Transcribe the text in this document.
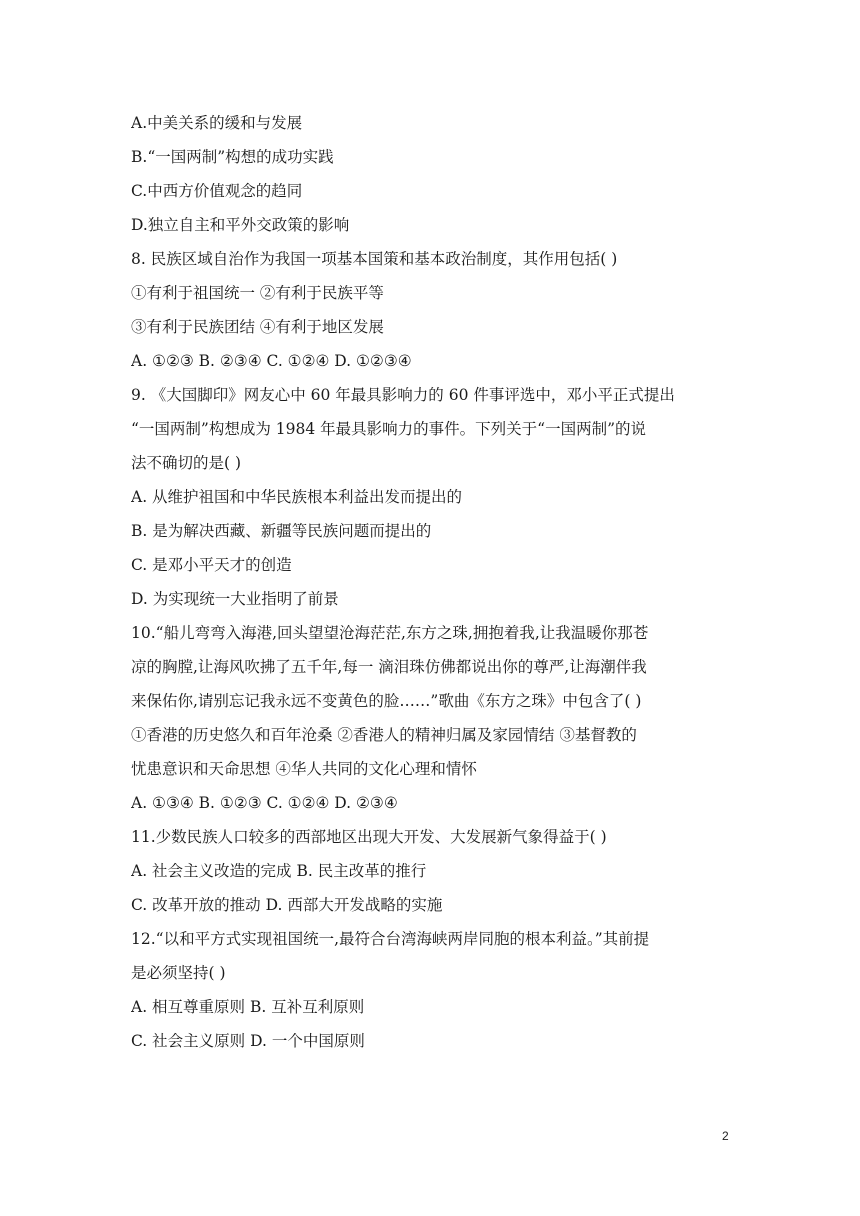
A.中美关系的缓和与发展
B.“一国两制”构想的成功实践
C.中西方价值观念的趋同
D.独立自主和平外交政策的影响
8. 民族区域自治作为我国一项基本国策和基本政治制度，其作用包括( )
①有利于祖国统一 ②有利于民族平等
③有利于民族团结 ④有利于地区发展
A. ①②③ B. ②③④ C. ①②④ D. ①②③④
9. 《大国脚印》网友心中 60 年最具影响力的 60 件事评选中，邓小平正式提出
“一国两制”构想成为 1984 年最具影响力的事件。下列关于“一国两制”的说
法不确切的是( )
A. 从维护祖国和中华民族根本利益出发而提出的
B. 是为解决西藏、新疆等民族问题而提出的
C. 是邓小平天才的创造
D. 为实现统一大业指明了前景
10.“船儿弯弯入海港,回头望望沧海茫茫,东方之珠,拥抱着我,让我温暖你那苍
凉的胸膛,让海风吹拂了五千年,每一 滴泪珠仿佛都说出你的尊严,让海潮伴我
来保佑你,请别忘记我永远不变黄色的脸……”歌曲《东方之珠》中包含了( )
①香港的历史悠久和百年沧桑 ②香港人的精神归属及家园情结 ③基督教的
忧患意识和天命思想 ④华人共同的文化心理和情怀
A. ①③④ B. ①②③ C. ①②④ D. ②③④
11.少数民族人口较多的西部地区出现大开发、大发展新气象得益于( )
A. 社会主义改造的完成 B. 民主改革的推行
C. 改革开放的推动 D. 西部大开发战略的实施
12.“以和平方式实现祖国统一,最符合台湾海峡两岸同胞的根本利益。”其前提
是必须坚持( )
A. 相互尊重原则 B. 互补互利原则
C. 社会主义原则 D. 一个中国原则
2
